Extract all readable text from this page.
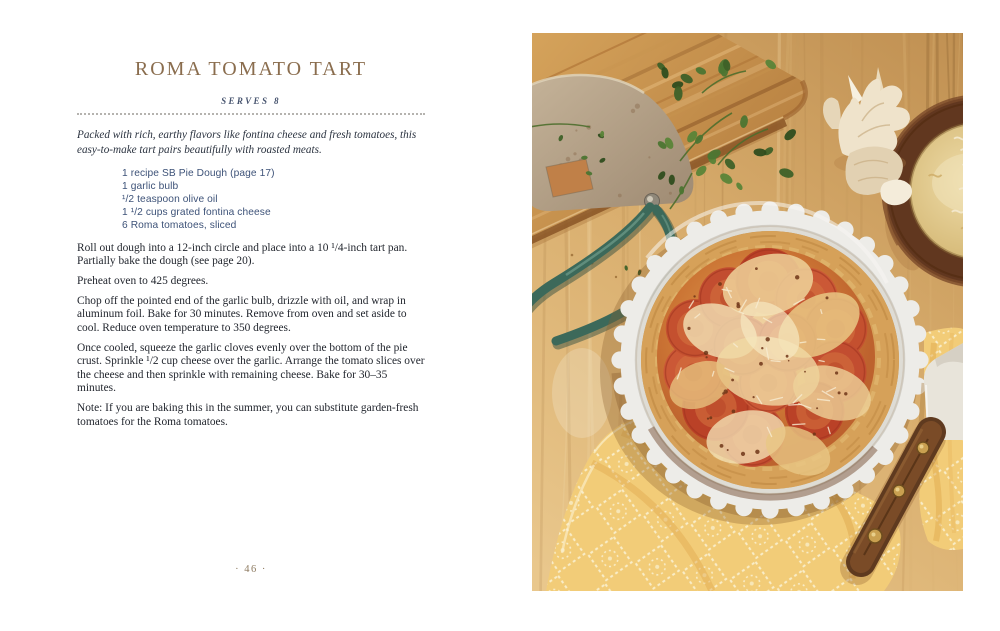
ROMA TOMATO TART
SERVES 8

Packed with rich, earthy flavors like fontina cheese and fresh tomatoes, this easy-to-make tart pairs beautifully with roasted meats.

1 recipe SB Pie Dough (page 17)
1 garlic bulb
¹/2 teaspoon olive oil
1 ¹/2 cups grated fontina cheese
6 Roma tomatoes, sliced

Roll out dough into a 12-inch circle and place into a 10 ¹/4-inch tart pan. Partially bake the dough (see page 20).

Preheat oven to 425 degrees.

Chop off the pointed end of the garlic bulb, drizzle with oil, and wrap in aluminum foil. Bake for 30 minutes. Remove from oven and set aside to cool. Reduce oven temperature to 350 degrees.

Once cooled, squeeze the garlic cloves evenly over the bottom of the pie crust. Sprinkle ¹/2 cup cheese over the garlic. Arrange the tomato slices over the cheese and then sprinkle with remaining cheese. Bake for 30–35 minutes.

Note: If you are baking this in the summer, you can substitute garden-fresh tomatoes for the Roma tomatoes.

· 46 ·
